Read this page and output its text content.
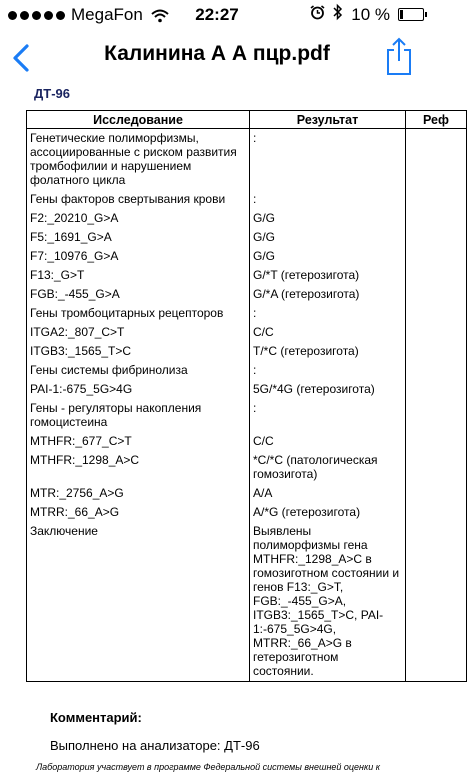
MegaFon	22:27	10 %
Калинина А А пцр.pdf
ДТ-96
Исследование	Результат	Реф
Генетические полиморфизмы, ассоциированные с риском развития тромбофилии и нарушением фолатного цикла	:	
Гены факторов свертывания крови	:	
F2:_20210_G>A	G/G	
F5:_1691_G>A	G/G	
F7:_10976_G>A	G/G	
F13:_G>T	G/*T (гетерозигота)	
FGB:_-455_G>A	G/*A (гетерозигота)	
Гены тромбоцитарных рецепторов	:	
ITGA2:_807_C>T	C/C	
ITGB3:_1565_T>C	T/*C (гетерозигота)	
Гены системы фибринолиза	:	
PAI-1:-675_5G>4G	5G/*4G (гетерозигота)	
Гены - регуляторы накопления гомоцистеина	:	
MTHFR:_677_C>T	C/C	
MTHFR:_1298_A>C	*C/*C (патологическая гомозигота)	
MTR:_2756_A>G	A/A	
MTRR:_66_A>G	A/*G (гетерозигота)	
Заключение	Выявлены полиморфизмы гена MTHFR:_1298_A>C в гомозиготном состоянии и генов F13:_G>T, FGB:_-455_G>A, ITGB3:_1565_T>C, PAI-1:-675_5G>4G, MTRR:_66_A>G в гетерозиготном состоянии.	
Комментарий:
Выполнено на анализаторе: ДТ-96
Лаборатория участвует в программе Федеральной системы внешней оценки к
